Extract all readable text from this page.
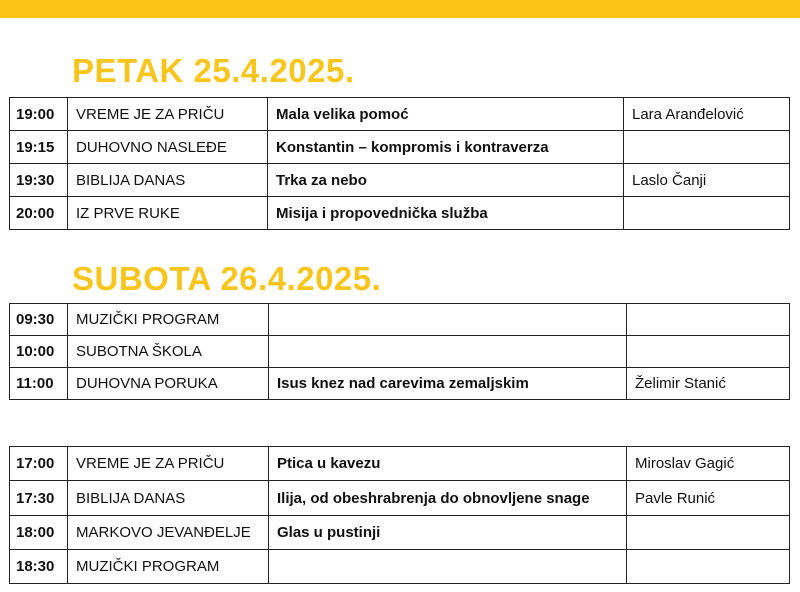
PETAK 25.4.2025.
19:00	VREME JE ZA PRIČU	Mala velika pomoć	Lara Aranđelović
19:15	DUHOVNO NASLEĐE	Konstantin – kompromis i kontraverza	
19:30	BIBLIJA DANAS	Trka za nebo	Laslo Čanji
20:00	IZ PRVE RUKE	Misija i propovednička služba	
SUBOTA 26.4.2025.
09:30	MUZIČKI PROGRAM		
10:00	SUBOTNA ŠKOLA		
11:00	DUHOVNA PORUKA	Isus knez nad carevima zemaljskim	Želimir Stanić
17:00	VREME JE ZA PRIČU	Ptica u kavezu	Miroslav Gagić
17:30	BIBLIJA DANAS	Ilija, od obeshrabrenja do obnovljene snage	Pavle Runić
18:00	MARKOVO JEVANĐELJE	Glas u pustinji	
18:30	MUZIČKI PROGRAM		
